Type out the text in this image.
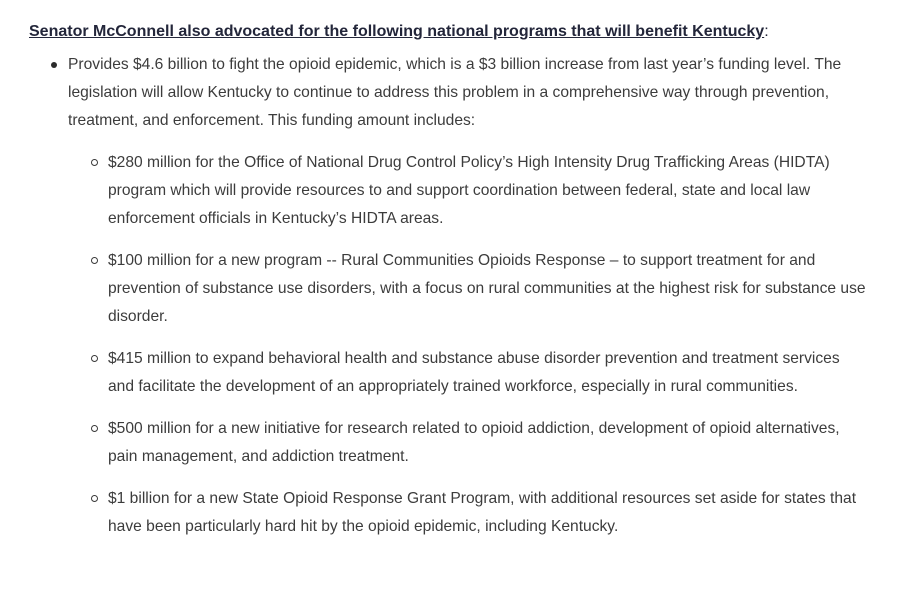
Senator McConnell also advocated for the following national programs that will benefit Kentucky:

Provides $4.6 billion to fight the opioid epidemic, which is a $3 billion increase from last year’s funding level. The legislation will allow Kentucky to continue to address this problem in a comprehensive way through prevention, treatment, and enforcement. This funding amount includes:
$280 million for the Office of National Drug Control Policy’s High Intensity Drug Trafficking Areas (HIDTA) program which will provide resources to and support coordination between federal, state and local law enforcement officials in Kentucky’s HIDTA areas.
$100 million for a new program -- Rural Communities Opioids Response – to support treatment for and prevention of substance use disorders, with a focus on rural communities at the highest risk for substance use disorder.
$415 million to expand behavioral health and substance abuse disorder prevention and treatment services and facilitate the development of an appropriately trained workforce, especially in rural communities.
$500 million for a new initiative for research related to opioid addiction, development of opioid alternatives, pain management, and addiction treatment.
$1 billion for a new State Opioid Response Grant Program, with additional resources set aside for states that have been particularly hard hit by the opioid epidemic, including Kentucky.
